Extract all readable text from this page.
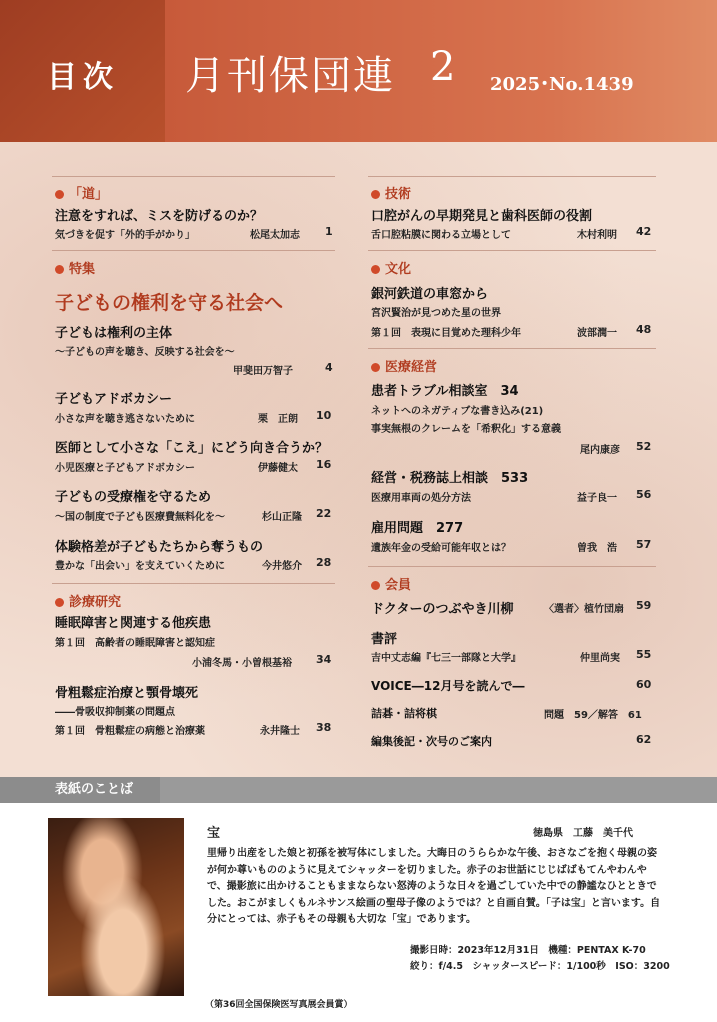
目次 月刊保団連 2 2025･No.1439
「道」
注意をすれば、ミスを防げるのか？
気づきを促す「外的手がかり」	松尾太加志 1
特集
子どもの権利を守る社会へ
子どもは権利の主体
～子どもの声を聴き、反映する社会を～
甲斐田万智子	4
子どもアドボカシー
小さな声を聴き逃さないために	栗　正朗 10
医師として小さな「こえ」にどう向き合うか？
小児医療と子どもアドボカシー	伊藤健太 16
子どもの受療権を守るため
～国の制度で子ども医療費無料化を～	杉山正隆 22
体験格差が子どもたちから奪うもの
豊かな「出会い」を支えていくために	今井悠介 28
診療研究
睡眠障害と関連する他疾患
第１回　高齢者の睡眠障害と認知症
小浦冬馬・小曽根基裕 34
骨粗鬆症治療と顎骨壊死
――骨吸収抑制薬の問題点
第１回　骨粗鬆症の病態と治療薬	永井隆士 38
技術
口腔がんの早期発見と歯科医師の役割
舌口腔粘膜に関わる立場として	木村利明 42
文化
銀河鉄道の車窓から
宮沢賢治が見つめた星の世界
第１回　表現に目覚めた理科少年	波部潤一 48
医療経営
患者トラブル相談室　34
ネットへのネガティブな書き込み(21)
事実無根のクレームを「希釈化」する意義
尾内康彦 52
経営・税務誌上相談　533
医療用車両の処分方法	益子良一 56
雇用問題　277
遺族年金の受給可能年収とは？	曽我　浩 57
会員
ドクターのつぶやき川柳	〈選者〉植竹団扇 59
書評
吉中丈志編『七三一部隊と大学』	仲里尚実 55
VOICE―12月号を読んで―	60
詰碁・詰将棋	問題　59／解答　61
編集後記・次号のご案内	62
表紙のことば
宝	徳島県　工藤　美千代
里帰り出産をした娘と初孫を被写体にしました。大晦日のうららかな午後、おさなごを抱く母親の姿が何か尊いもののように見えてシャッターを切りました。赤子のお世話にじじばばもてんやわんやで、撮影旅に出かけることもままならない怒涛のような日々を過ごしていた中での静謐なひとときでした。おこがましくもルネサンス絵画の聖母子像のようでは？と自画自賛。「子は宝」と言います。自分にとっては、赤子もその母親も大切な「宝」であります。
撮影日時：2023年12月31日　機種：PENTAX K-70
絞り：f/4.5　シャッタースピード：1/100秒　ISO：3200
（第36回全国保険医写真展会員賞）
